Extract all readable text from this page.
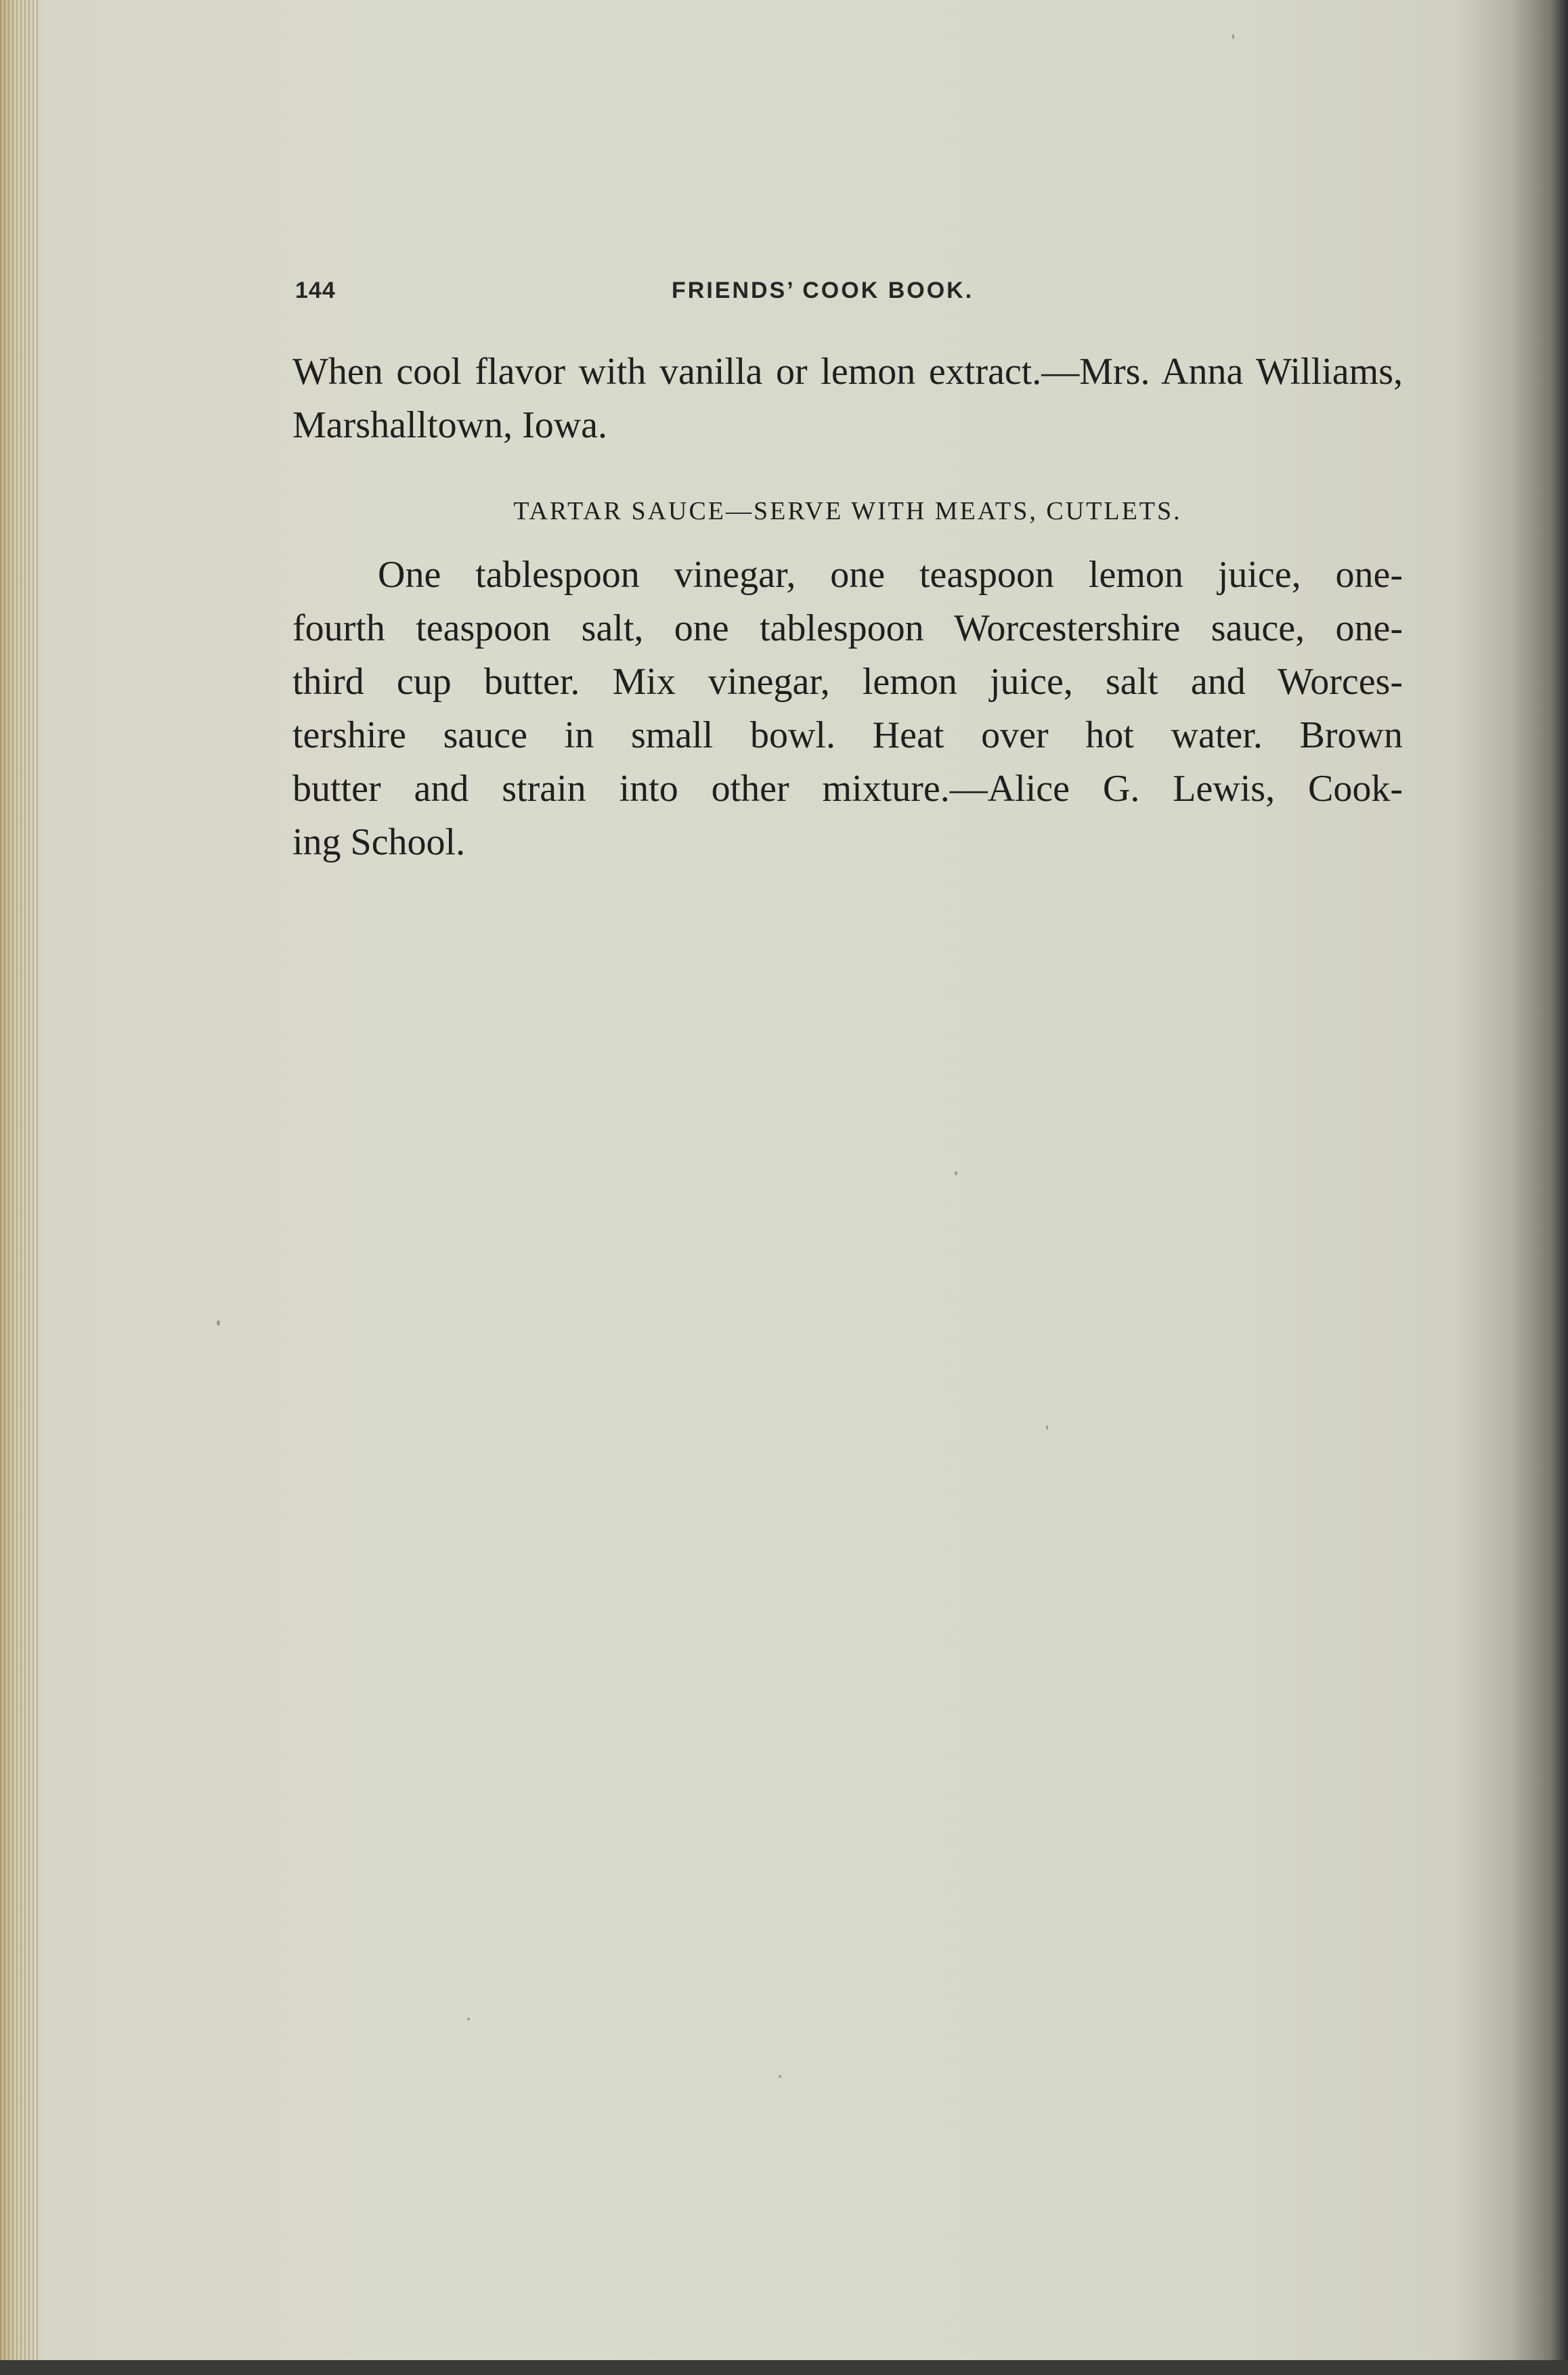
144	FRIENDS’ COOK BOOK.

When cool flavor with vanilla or lemon extract.—Mrs. Anna Williams, Marshalltown, Iowa.

TARTAR SAUCE—SERVE WITH MEATS, CUTLETS.

One tablespoon vinegar, one teaspoon lemon juice, one-
fourth teaspoon salt, one tablespoon Worcestershire sauce, one-
third cup butter. Mix vinegar, lemon juice, salt and Worces-
tershire sauce in small bowl. Heat over hot water. Brown
butter and strain into other mixture.—Alice G. Lewis, Cook-
ing School.
